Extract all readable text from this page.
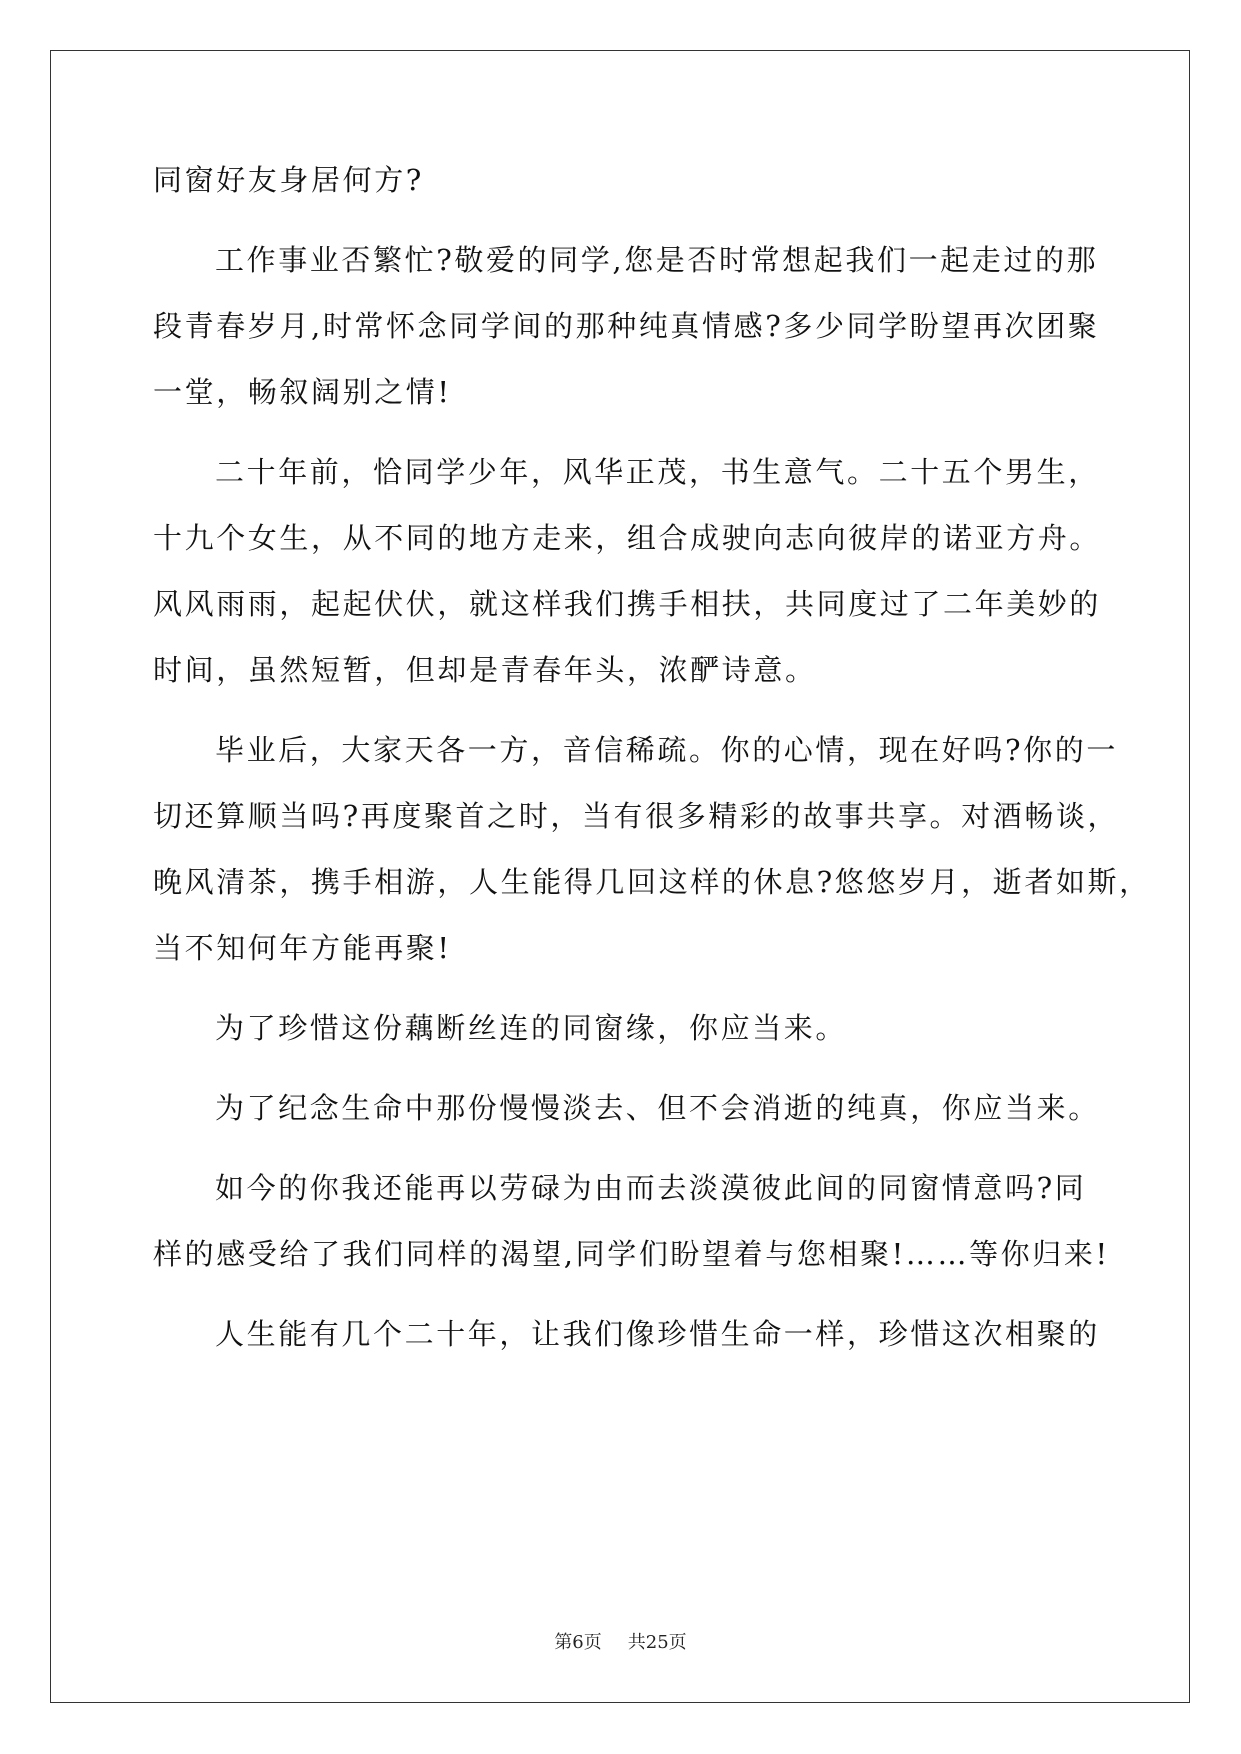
同窗好友身居何方?
工作事业否繁忙?敬爱的同学,您是否时常想起我们一起走过的那
段青春岁月,时常怀念同学间的那种纯真情感?多少同学盼望再次团聚
一堂，畅叙阔别之情!
二十年前，恰同学少年，风华正茂，书生意气。二十五个男生，
十九个女生，从不同的地方走来，组合成驶向志向彼岸的诺亚方舟。
风风雨雨，起起伏伏，就这样我们携手相扶，共同度过了二年美妙的
时间，虽然短暂，但却是青春年头，浓酽诗意。
毕业后，大家天各一方，音信稀疏。你的心情，现在好吗?你的一
切还算顺当吗?再度聚首之时，当有很多精彩的故事共享。对酒畅谈，
晚风清茶，携手相游，人生能得几回这样的休息?悠悠岁月，逝者如斯，
当不知何年方能再聚!
为了珍惜这份藕断丝连的同窗缘，你应当来。
为了纪念生命中那份慢慢淡去、但不会消逝的纯真，你应当来。
如今的你我还能再以劳碌为由而去淡漠彼此间的同窗情意吗?同
样的感受给了我们同样的渴望,同学们盼望着与您相聚!……等你归来!
人生能有几个二十年，让我们像珍惜生命一样，珍惜这次相聚的
第6页 共25页
